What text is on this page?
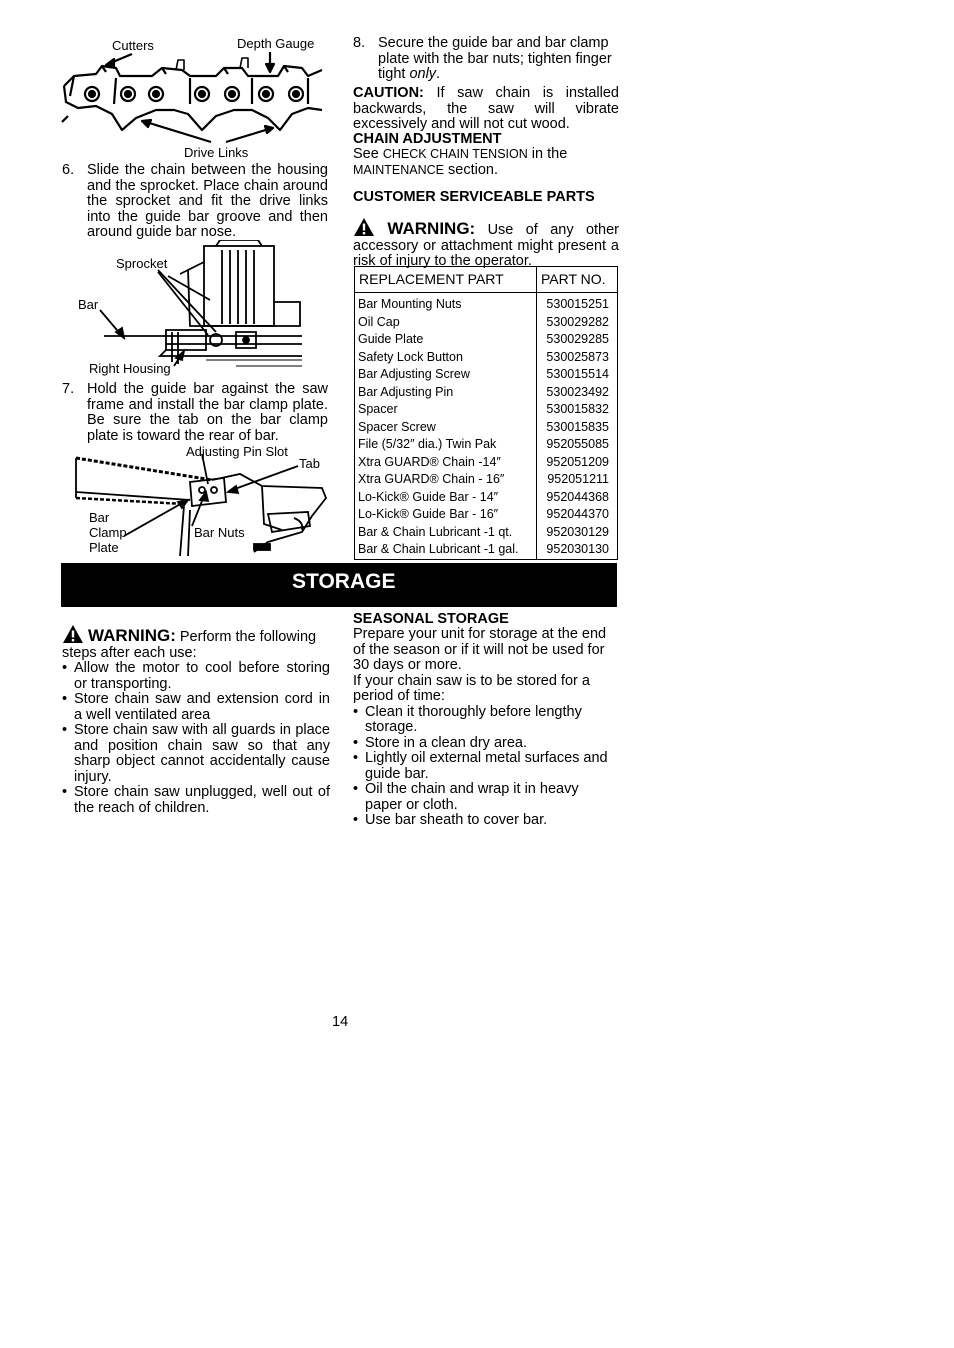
Cutters	Depth Gauge
Drive Links
6. Slide the chain between the housing and the sprocket. Place chain around the sprocket and fit the drive links into the guide bar groove and then around guide bar nose.
Sprocket
Bar
Right Housing
7. Hold the guide bar against the saw frame and install the bar clamp plate. Be sure the tab on the bar clamp plate is toward the rear of bar.
Adjusting Pin Slot
Tab
Bar
Clamp
Plate
Bar Nuts
8. Secure the guide bar and bar clamp plate with the bar nuts; tighten finger tight only.
CAUTION: If saw chain is installed backwards, the saw will vibrate excessively and will not cut wood.
CHAIN ADJUSTMENT
See CHECK CHAIN TENSION in the MAINTENANCE section.
CUSTOMER SERVICEABLE PARTS
WARNING: Use of any other accessory or attachment might present a risk of injury to the operator.
REPLACEMENT PART	PART NO.
Bar Mounting Nuts	530015251
Oil Cap	530029282
Guide Plate	530029285
Safety Lock Button	530025873
Bar Adjusting Screw	530015514
Bar Adjusting Pin	530023492
Spacer	530015832
Spacer Screw	530015835
File (5/32″ dia.) Twin Pak	952055085
Xtra GUARD® Chain -14″	952051209
Xtra GUARD® Chain - 16″	952051211
Lo-Kick® Guide Bar - 14″	952044368
Lo-Kick® Guide Bar - 16″	952044370
Bar & Chain Lubricant -1 qt.	952030129
Bar & Chain Lubricant -1 gal.	952030130
STORAGE
WARNING: Perform the following steps after each use:
• Allow the motor to cool before storing or transporting.
• Store chain saw and extension cord in a well ventilated area
• Store chain saw with all guards in place and position chain saw so that any sharp object cannot accidentally cause injury.
• Store chain saw unplugged, well out of the reach of children.
SEASONAL STORAGE
Prepare your unit for storage at the end of the season or if it will not be used for 30 days or more.
If your chain saw is to be stored for a period of time:
• Clean it thoroughly before lengthy storage.
• Store in a clean dry area.
• Lightly oil external metal surfaces and guide bar.
• Oil the chain and wrap it in heavy paper or cloth.
• Use bar sheath to cover bar.
14
